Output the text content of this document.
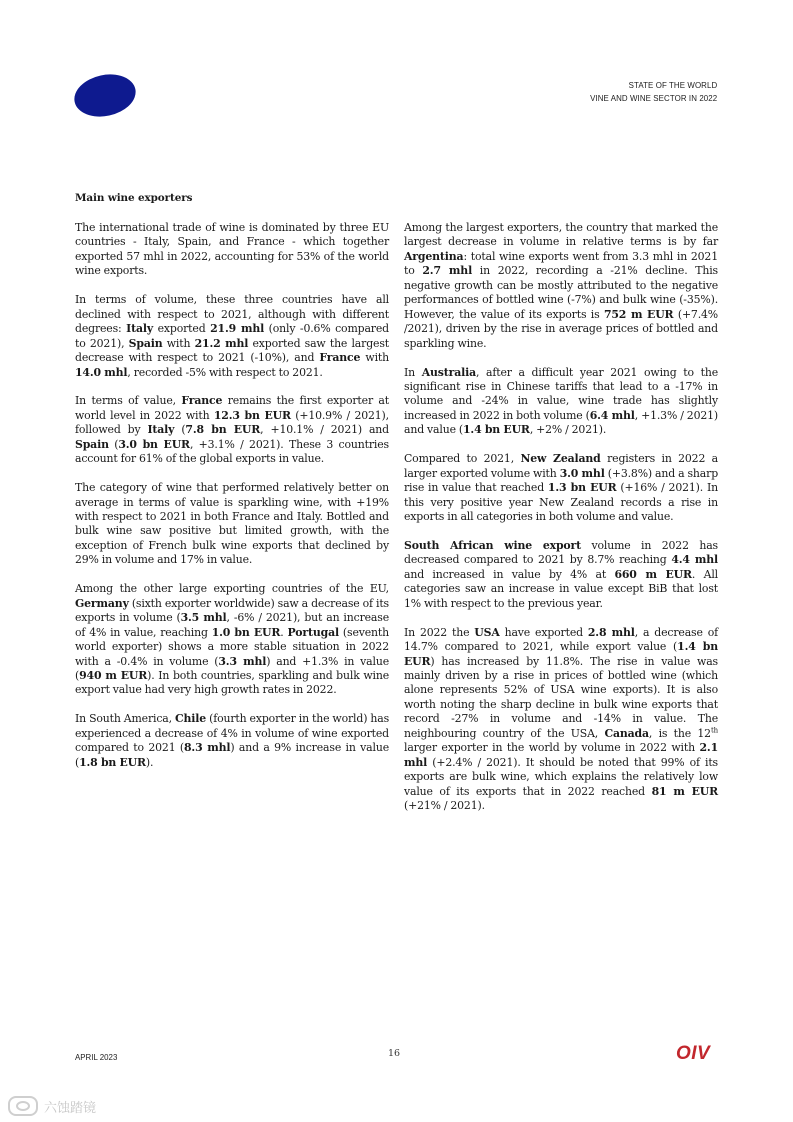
STATE OF THE WORLD
VINE AND WINE SECTOR IN 2022
Main wine exporters

The international trade of wine is dominated by three EU countries - Italy, Spain, and France - which together exported 57 mhl in 2022, accounting for 53% of the world wine exports.

In terms of volume, these three countries have all declined with respect to 2021, although with different degrees: Italy exported 21.9 mhl (only -0.6% compared to 2021), Spain with 21.2 mhl exported saw the largest decrease with respect to 2021 (-10%), and France with 14.0 mhl, recorded -5% with respect to 2021.

In terms of value, France remains the first exporter at world level in 2022 with 12.3 bn EUR (+10.9% / 2021), followed by Italy (7.8 bn EUR, +10.1% / 2021) and Spain (3.0 bn EUR, +3.1% / 2021). These 3 countries account for 61% of the global exports in value.

The category of wine that performed relatively better on average in terms of value is sparkling wine, with +19% with respect to 2021 in both France and Italy. Bottled and bulk wine saw positive but limited growth, with the exception of French bulk wine exports that declined by 29% in volume and 17% in value.

Among the other large exporting countries of the EU, Germany (sixth exporter worldwide) saw a decrease of its exports in volume (3.5 mhl, -6% / 2021), but an increase of 4% in value, reaching 1.0 bn EUR. Portugal (seventh world exporter) shows a more stable situation in 2022 with a -0.4% in volume (3.3 mhl) and +1.3% in value (940 m EUR). In both countries, sparkling and bulk wine export value had very high growth rates in 2022.

In South America, Chile (fourth exporter in the world) has experienced a decrease of 4% in volume of wine exported compared to 2021 (8.3 mhl) and a 9% increase in value (1.8 bn EUR).

Among the largest exporters, the country that marked the largest decrease in volume in relative terms is by far Argentina: total wine exports went from 3.3 mhl in 2021 to 2.7 mhl in 2022, recording a -21% decline. This negative growth can be mostly attributed to the negative performances of bottled wine (-7%) and bulk wine (-35%). However, the value of its exports is 752 m EUR (+7.4% /2021), driven by the rise in average prices of bottled and sparkling wine.

In Australia, after a difficult year 2021 owing to the significant rise in Chinese tariffs that lead to a -17% in volume and -24% in value, wine trade has slightly increased in 2022 in both volume (6.4 mhl, +1.3% / 2021) and value (1.4 bn EUR, +2% / 2021).

Compared to 2021, New Zealand registers in 2022 a larger exported volume with 3.0 mhl (+3.8%) and a sharp rise in value that reached 1.3 bn EUR (+16% / 2021). In this very positive year New Zealand records a rise in exports in all categories in both volume and value.

South African wine export volume in 2022 has decreased compared to 2021 by 8.7% reaching 4.4 mhl and increased in value by 4% at 660 m EUR. All categories saw an increase in value except BiB that lost 1% with respect to the previous year.

In 2022 the USA have exported 2.8 mhl, a decrease of 14.7% compared to 2021, while export value (1.4 bn EUR) has increased by 11.8%. The rise in value was mainly driven by a rise in prices of bottled wine (which alone represents 52% of USA wine exports). It is also worth noting the sharp decline in bulk wine exports that record -27% in volume and -14% in value. The neighbouring country of the USA, Canada, is the 12th larger exporter in the world by volume in 2022 with 2.1 mhl (+2.4% / 2021). It should be noted that 99% of its exports are bulk wine, which explains the relatively low value of its exports that in 2022 reached 81 m EUR (+21% / 2021).

APRIL 2023	16	OIV
六蚀踏镜
